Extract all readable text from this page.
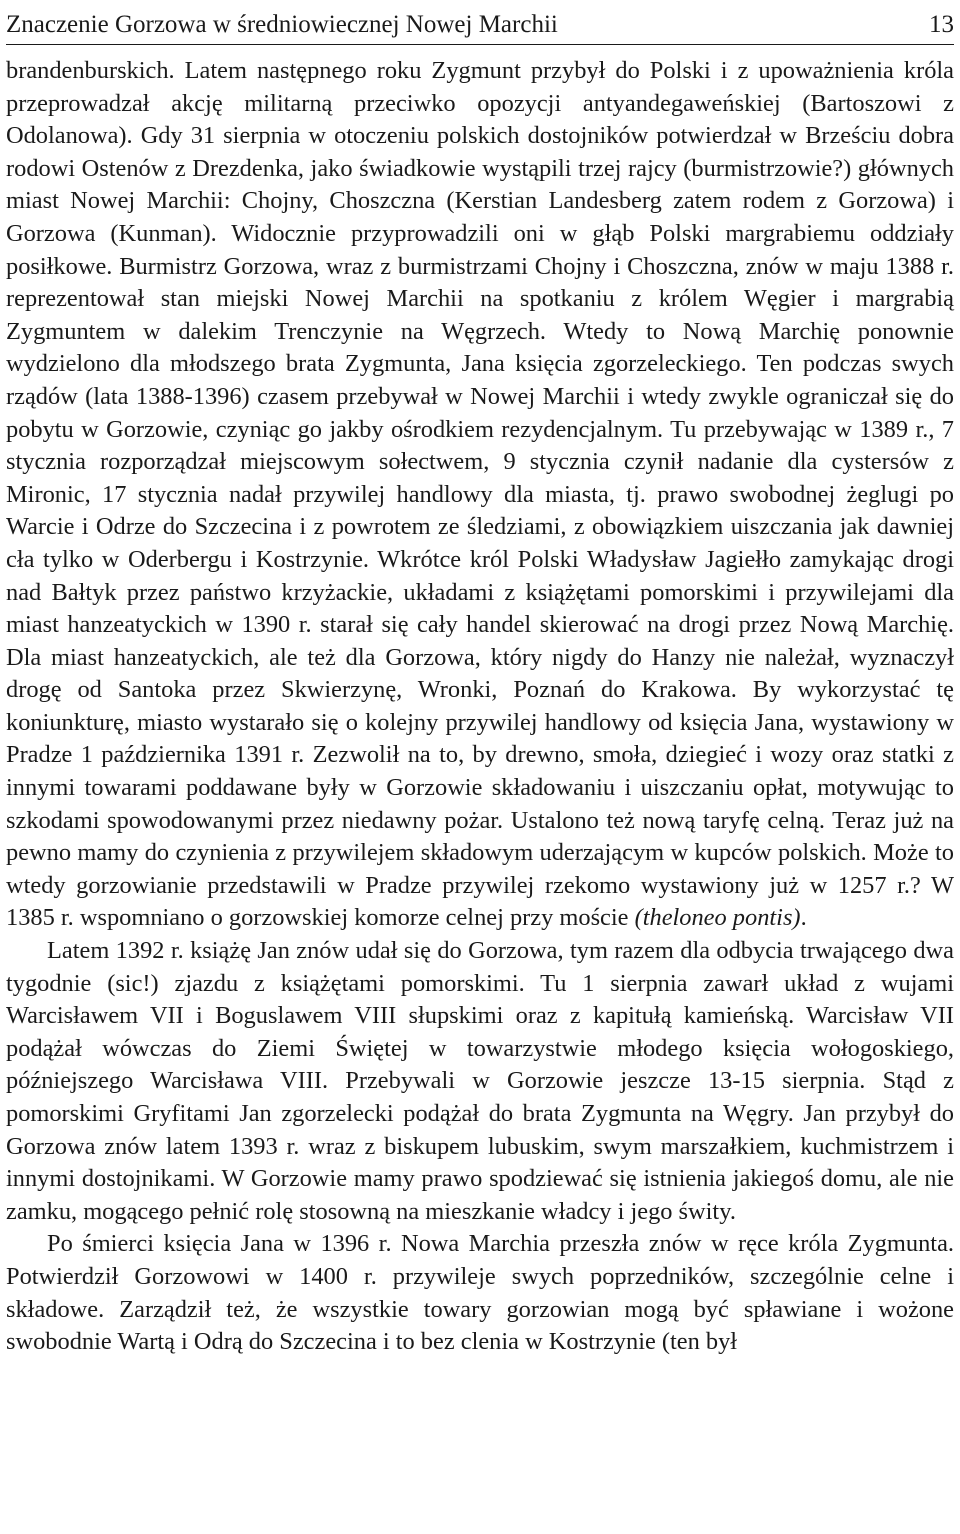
Znaczenie Gorzowa w średniowiecznej Nowej Marchii	13

brandenburskich. Latem następnego roku Zygmunt przybył do Polski i z upoważnienia króla przeprowadzał akcję militarną przeciwko opozycji antyandegaweńskiej (Bartoszowi z Odolanowa). Gdy 31 sierpnia w otoczeniu polskich dostojników potwierdzał w Brześciu dobra rodowi Ostenów z Drezdenka, jako świadkowie wystąpili trzej rajcy (burmistrzowie?) głównych miast Nowej Marchii: Chojny, Choszczna (Kerstian Landesberg zatem rodem z Gorzowa) i Gorzowa (Kunman). Widocznie przyprowadzili oni w głąb Polski margrabiemu oddziały posiłkowe. Burmistrz Gorzowa, wraz z burmistrzami Chojny i Choszczna, znów w maju 1388 r. reprezentował stan miejski Nowej Marchii na spotkaniu z królem Węgier i margrabią Zygmuntem w dalekim Trenczynie na Węgrzech. Wtedy to Nową Marchię ponownie wydzielono dla młodszego brata Zygmunta, Jana księcia zgorzeleckiego. Ten podczas swych rządów (lata 1388-1396) czasem przebywał w Nowej Marchii i wtedy zwykle ograniczał się do pobytu w Gorzowie, czyniąc go jakby ośrodkiem rezydencjalnym. Tu przebywając w 1389 r., 7 stycznia rozporządzał miejscowym sołectwem, 9 stycznia czynił nadanie dla cystersów z Mironic, 17 stycznia nadał przywilej handlowy dla miasta, tj. prawo swobodnej żeglugi po Warcie i Odrze do Szczecina i z powrotem ze śledziami, z obowiązkiem uiszczania jak dawniej cła tylko w Oderbergu i Kostrzynie. Wkrótce król Polski Władysław Jagiełło zamykając drogi nad Bałtyk przez państwo krzyżackie, układami z książętami pomorskimi i przywilejami dla miast hanzeatyckich w 1390 r. starał się cały handel skierować na drogi przez Nową Marchię. Dla miast hanzeatyckich, ale też dla Gorzowa, który nigdy do Hanzy nie należał, wyznaczył drogę od Santoka przez Skwierzynę, Wronki, Poznań do Krakowa. By wykorzystać tę koniunkturę, miasto wystarało się o kolejny przywilej handlowy od księcia Jana, wystawiony w Pradze 1 października 1391 r. Zezwolił na to, by drewno, smoła, dziegieć i wozy oraz statki z innymi towarami poddawane były w Gorzowie składowaniu i uiszczaniu opłat, motywując to szkodami spowodowanymi przez niedawny pożar. Ustalono też nową taryfę celną. Teraz już na pewno mamy do czynienia z przywilejem składowym uderzającym w kupców polskich. Może to wtedy gorzowianie przedstawili w Pradze przywilej rzekomo wystawiony już w 1257 r.? W 1385 r. wspomniano o gorzowskiej komorze celnej przy moście (theloneo pontis).

Latem 1392 r. książę Jan znów udał się do Gorzowa, tym razem dla odbycia trwającego dwa tygodnie (sic!) zjazdu z książętami pomorskimi. Tu 1 sierpnia zawarł układ z wujami Warcisławem VII i Boguslawem VIII słupskimi oraz z kapitułą kamieńską. Warcisław VII podążał wówczas do Ziemi Świętej w towarzystwie młodego księcia wołogoskiego, późniejszego Warcisława VIII. Przebywali w Gorzowie jeszcze 13-15 sierpnia. Stąd z pomorskimi Gryfitami Jan zgorzelecki podążał do brata Zygmunta na Węgry. Jan przybył do Gorzowa znów latem 1393 r. wraz z biskupem lubuskim, swym marszałkiem, kuchmistrzem i innymi dostojnikami. W Gorzowie mamy prawo spodziewać się istnienia jakiegoś domu, ale nie zamku, mogącego pełnić rolę stosowną na mieszkanie władcy i jego świty.

Po śmierci księcia Jana w 1396 r. Nowa Marchia przeszła znów w ręce króla Zygmunta. Potwierdził Gorzowowi w 1400 r. przywileje swych poprzedników, szczególnie celne i składowe. Zarządził też, że wszystkie towary gorzowian mogą być spławiane i wożone swobodnie Wartą i Odrą do Szczecina i to bez clenia w Kostrzynie (ten był
